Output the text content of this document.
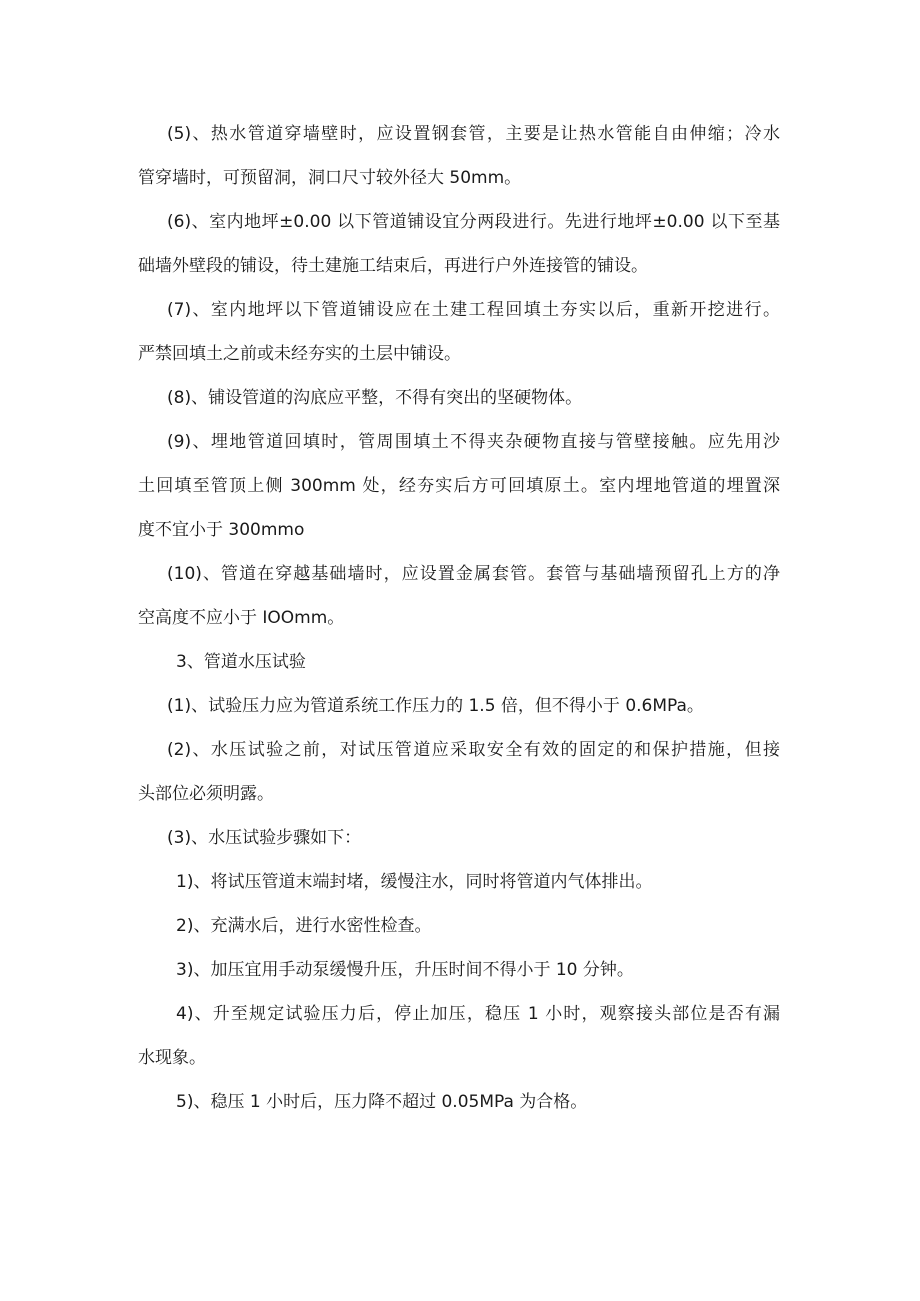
(5)、热水管道穿墙壁时，应设置钢套管，主要是让热水管能自由伸缩；冷水

管穿墙时，可预留洞，洞口尺寸较外径大 50mm。

(6)、室内地坪±0.00 以下管道铺设宜分两段进行。先进行地坪±0.00 以下至基

础墙外壁段的铺设，待土建施工结束后，再进行户外连接管的铺设。

(7)、室内地坪以下管道铺设应在土建工程回填土夯实以后，重新开挖进行。

严禁回填土之前或未经夯实的土层中铺设。

(8)、铺设管道的沟底应平整，不得有突出的坚硬物体。

(9)、埋地管道回填时，管周围填土不得夹杂硬物直接与管壁接触。应先用沙

土回填至管顶上侧 300mm 处，经夯实后方可回填原土。室内埋地管道的埋置深

度不宜小于 300mmo

(10)、管道在穿越基础墙时，应设置金属套管。套管与基础墙预留孔上方的净

空高度不应小于 IOOmm。

3、管道水压试验

(1)、试验压力应为管道系统工作压力的 1.5 倍，但不得小于 0.6MPa。

(2)、水压试验之前，对试压管道应采取安全有效的固定的和保护措施，但接

头部位必须明露。

(3)、水压试验步骤如下：

1)、将试压管道末端封堵，缓慢注水，同时将管道内气体排出。

2)、充满水后，进行水密性检查。

3)、加压宜用手动泵缓慢升压，升压时间不得小于 10 分钟。

4)、升至规定试验压力后，停止加压，稳压 1 小时，观察接头部位是否有漏

水现象。

5)、稳压 1 小时后，压力降不超过 0.05MPa 为合格。
